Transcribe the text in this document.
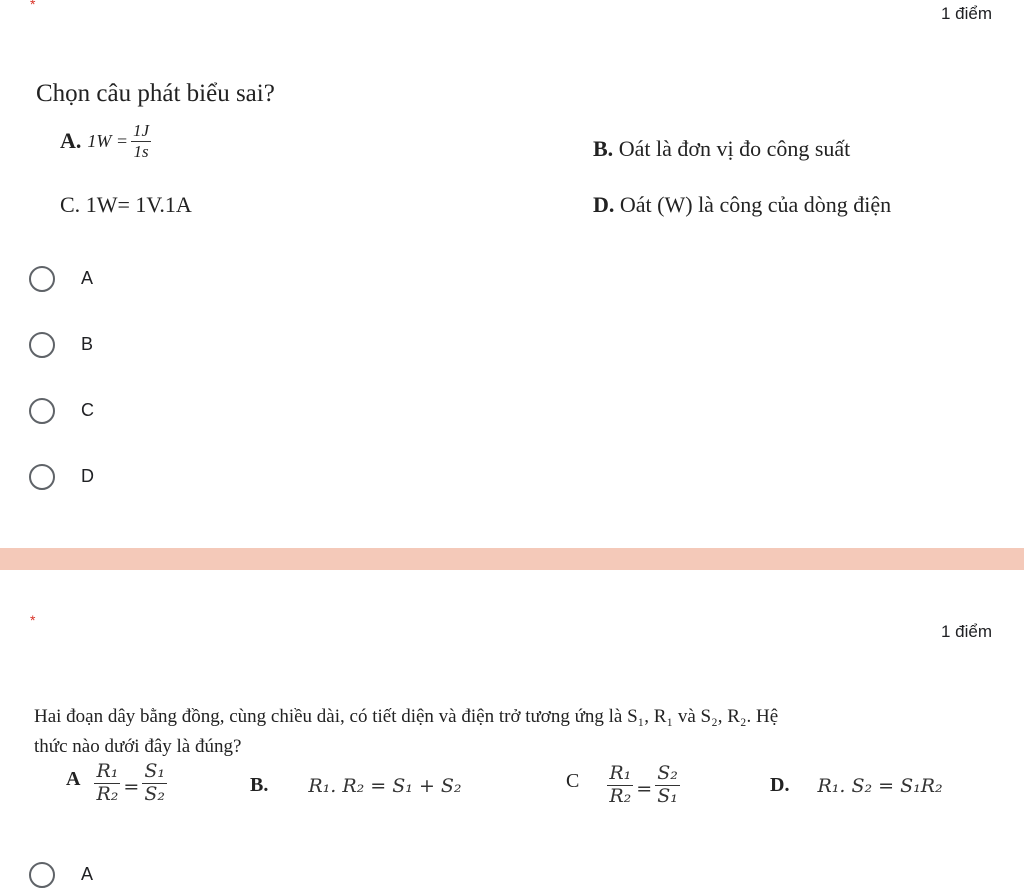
*	1 điểm
Chọn câu phát biểu sai?
A. $1W = \frac{1J}{1s}$	B. Oát là đơn vị đo công suất
C. 1W= 1V.1A	D. Oát (W) là công của dòng điện
A
B
C
D
*
1 điểm
Hai đoạn dây bằng đồng, cùng chiều dài, có tiết diện và điện trở tương ứng là S₁, R₁ và S₂, R₂. Hệ
thức nào dưới đây là đúng?
A $\frac{\text{R₁}}{\text{R₂}} = \frac{\text{S₁}}{\text{S₂}}$	B. R₁. R₂ = S₁ + S₂	C $\frac{\text{R₁}}{\text{R₂}} = \frac{\text{S₂}}{\text{S₁}}$	D. R₁. S₂ = S₁R₂
A
